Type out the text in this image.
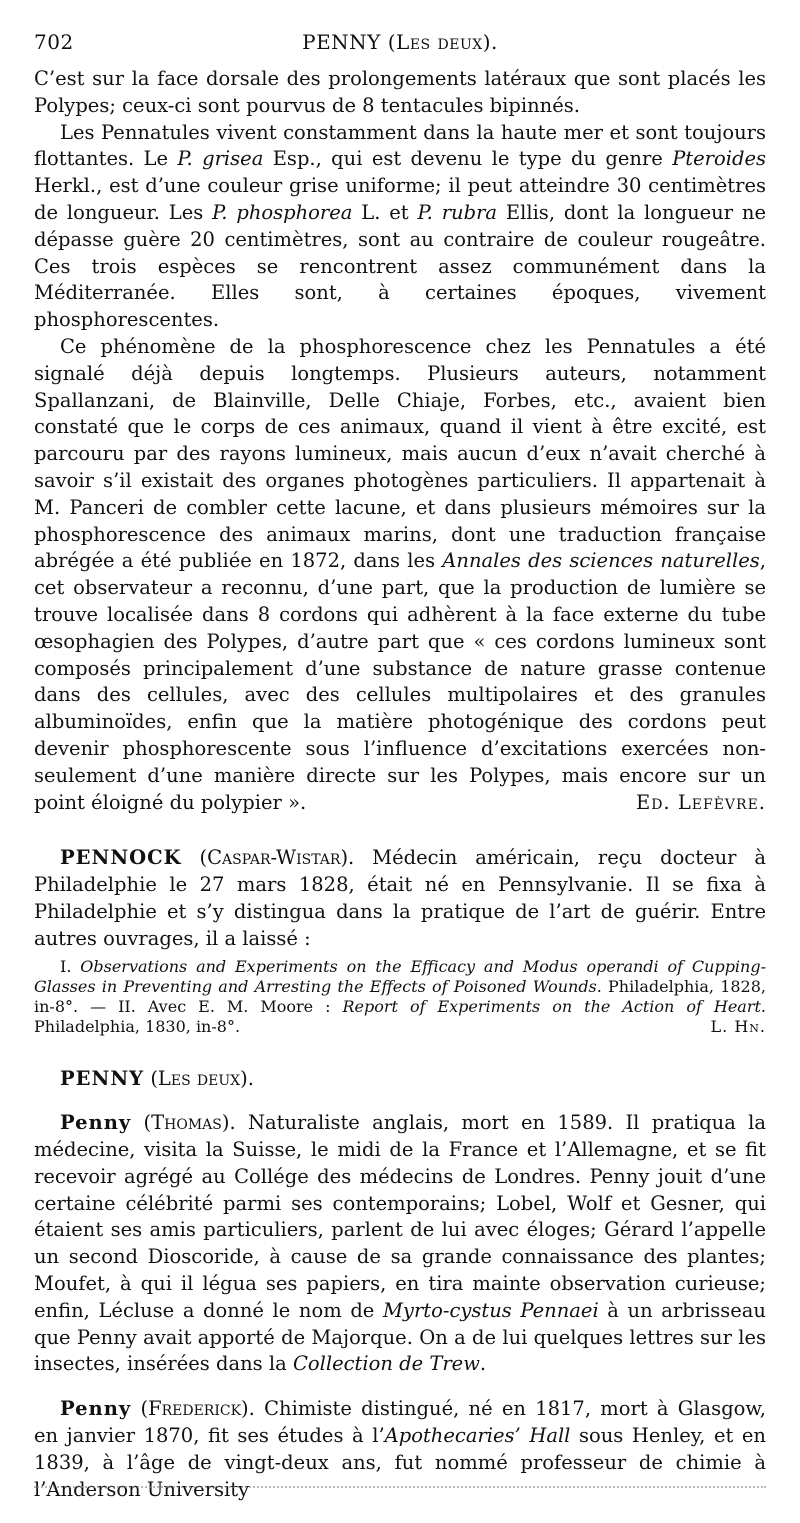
702	PENNY (Les deux).

C’est sur la face dorsale des prolongements latéraux que sont placés les Polypes; ceux-ci sont pourvus de 8 tentacules bipinnés.

Les Pennatules vivent constamment dans la haute mer et sont toujours flottantes. Le P. grisea Esp., qui est devenu le type du genre Pteroides Herkl., est d’une couleur grise uniforme; il peut atteindre 30 centimètres de longueur. Les P. phosphorea L. et P. rubra Ellis, dont la longueur ne dépasse guère 20 centimètres, sont au contraire de couleur rougeâtre. Ces trois espèces se rencontrent assez communément dans la Méditerranée. Elles sont, à certaines époques, vivement phosphorescentes.

Ce phénomène de la phosphorescence chez les Pennatules a été signalé déjà depuis longtemps. Plusieurs auteurs, notamment Spallanzani, de Blainville, Delle Chiaje, Forbes, etc., avaient bien constaté que le corps de ces animaux, quand il vient à être excité, est parcouru par des rayons lumineux, mais aucun d’eux n’avait cherché à savoir s’il existait des organes photogènes particuliers. Il appartenait à M. Panceri de combler cette lacune, et dans plusieurs mémoires sur la phosphorescence des animaux marins, dont une traduction française abrégée a été publiée en 1872, dans les Annales des sciences naturelles, cet observateur a reconnu, d’une part, que la production de lumière se trouve localisée dans 8 cordons qui adhèrent à la face externe du tube œsophagien des Polypes, d’autre part que « ces cordons lumineux sont composés principalement d’une substance de nature grasse contenue dans des cellules, avec des cellules multipolaires et des granules albuminoïdes, enfin que la matière photogénique des cordons peut devenir phosphorescente sous l’influence d’excitations exercées non-seulement d’une manière directe sur les Polypes, mais encore sur un point éloigné du polypier ».	Ed. Lefèvre.

PENNOCK (Caspar-Wistar). Médecin américain, reçu docteur à Philadelphie le 27 mars 1828, était né en Pennsylvanie. Il se fixa à Philadelphie et s’y distingua dans la pratique de l’art de guérir. Entre autres ouvrages, il a laissé :

I. Observations and Experiments on the Efficacy and Modus operandi of Cupping-Glasses in Preventing and Arresting the Effects of Poisoned Wounds. Philadelphia, 1828, in-8°. — II. Avec E. M. Moore : Report of Experiments on the Action of Heart. Philadelphia, 1830, in-8°.	L. Hn.

PENNY (Les deux).

Penny (Thomas). Naturaliste anglais, mort en 1589. Il pratiqua la médecine, visita la Suisse, le midi de la France et l’Allemagne, et se fit recevoir agrégé au Collége des médecins de Londres. Penny jouit d’une certaine célébrité parmi ses contemporains; Lobel, Wolf et Gesner, qui étaient ses amis particuliers, parlent de lui avec éloges; Gérard l’appelle un second Dioscoride, à cause de sa grande connaissance des plantes; Moufet, à qui il légua ses papiers, en tira mainte observation curieuse; enfin, Lécluse a donné le nom de Myrto-cystus Pennaei à un arbrisseau que Penny avait apporté de Majorque. On a de lui quelques lettres sur les insectes, insérées dans la Collection de Trew.

Penny (Frederick). Chimiste distingué, né en 1817, mort à Glasgow, en janvier 1870, fit ses études à l’Apothecaries’ Hall sous Henley, et en 1839, à l’âge de vingt-deux ans, fut nommé professeur de chimie à l’Anderson University
